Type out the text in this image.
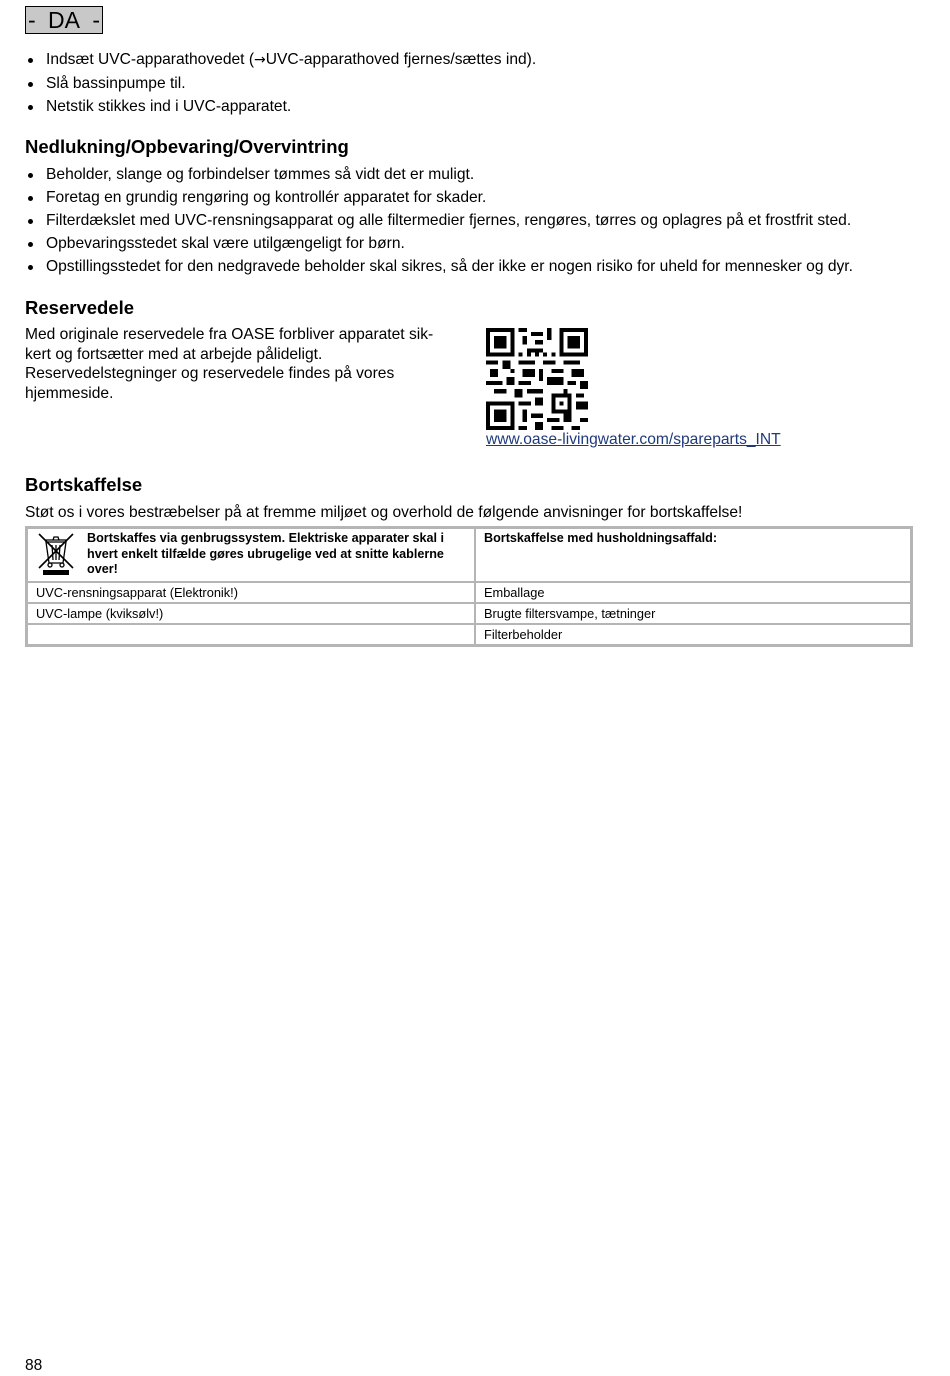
- DA -
Indsæt UVC-apparathovedet (→UVC-apparathoved fjernes/sættes ind).
Slå bassinpumpe til.
Netstik stikkes ind i UVC-apparatet.
Nedlukning/Opbevaring/Overvintring
Beholder, slange og forbindelser tømmes så vidt det er muligt.
Foretag en grundig rengøring og kontrollér apparatet for skader.
Filterdækslet med UVC-rensningsapparat og alle filtermedier fjernes, rengøres, tørres og oplagres på et frostfrit sted.
Opbevaringsstedet skal være utilgængeligt for børn.
Opstillingsstedet for den nedgravede beholder skal sikres, så der ikke er nogen risiko for uheld for mennesker og dyr.
Reservedele

Med originale reservedele fra OASE forbliver apparatet sik-
kert og fortsætter med at arbejde pålideligt.
Reservedelstegninger og reservedele findes på vores
hjemmeside.

www.oase-livingwater.com/spareparts_INT
Bortskaffelse
Støt os i vores bestræbelser på at fremme miljøet og overhold de følgende anvisninger for bortskaffelse!
Bortskaffes via genbrugssystem. Elektriske apparater skal i hvert enkelt tilfælde gøres ubrugelige ved at snitte kablerne over!	Bortskaffelse med husholdningsaffald:

UVC-rensningsapparat (Elektronik!)	Emballage
UVC-lampe (kviksølv!)	Brugte filtersvampe, tætninger
	Filterbeholder
88
